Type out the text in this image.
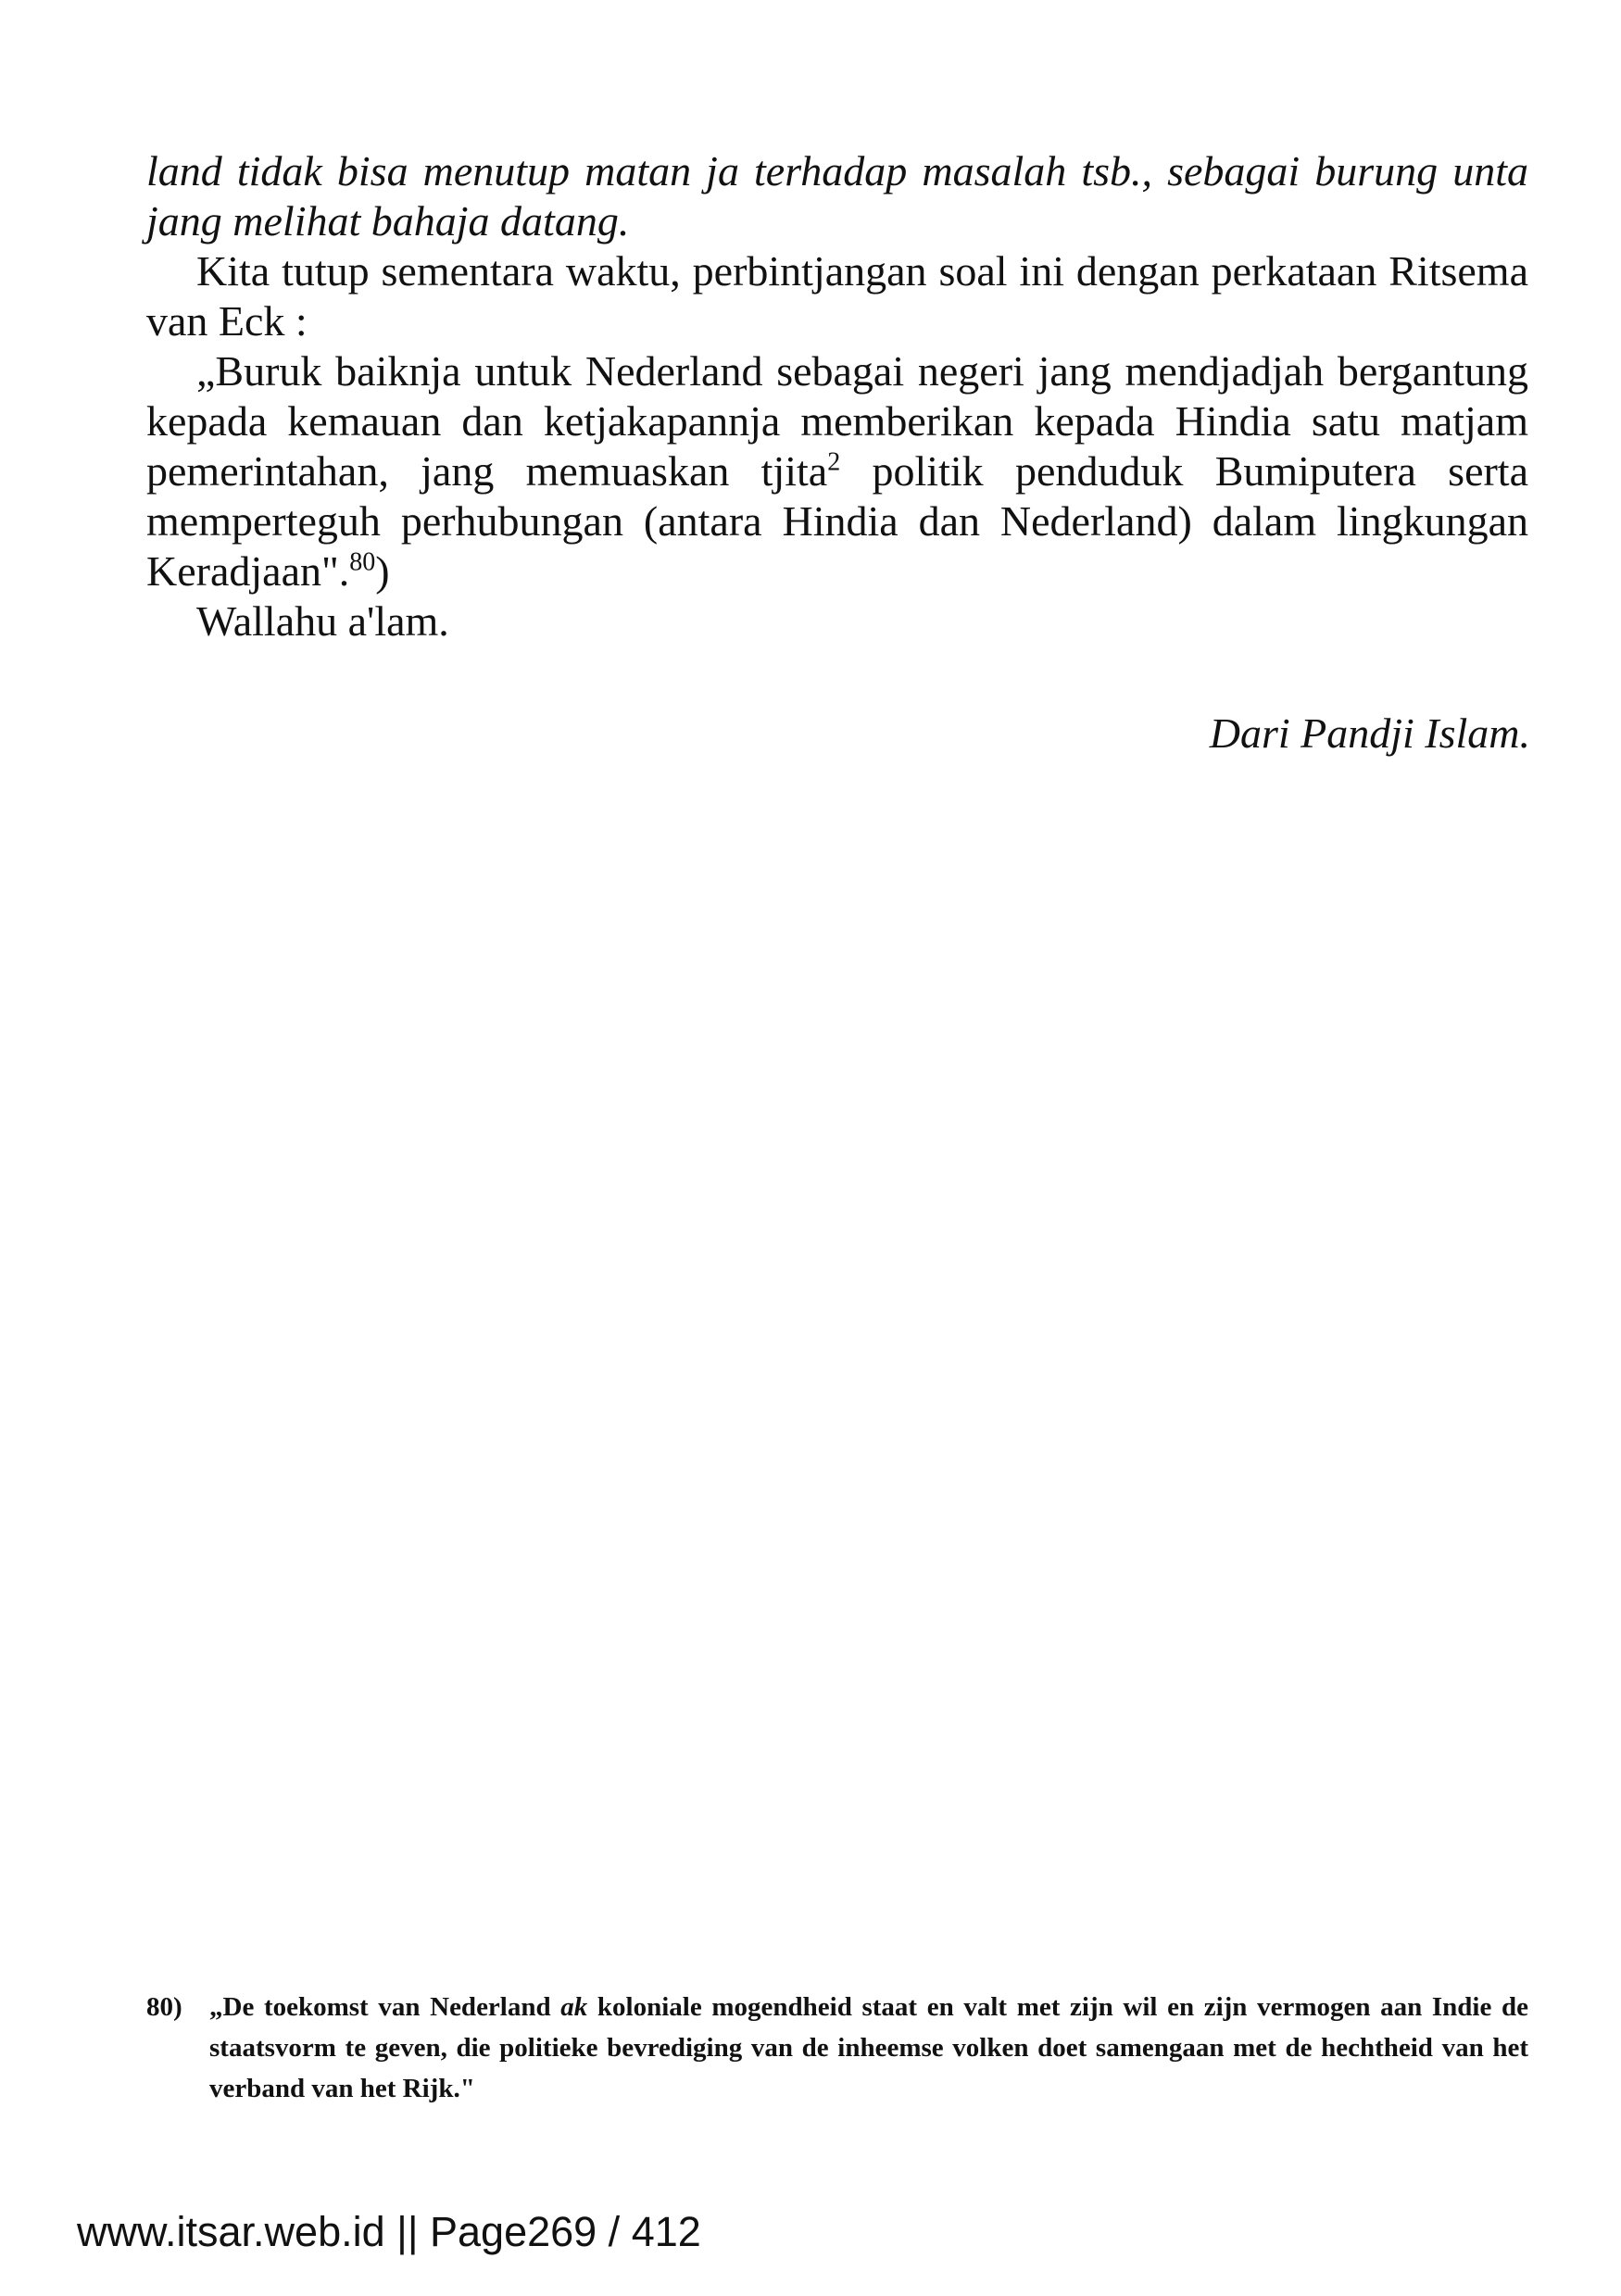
land tidak bisa menutup matan ja terhadap masalah tsb., sebagai burung unta jang melihat bahaja datang.

Kita tutup sementara waktu, perbintjangan soal ini dengan perkataan Ritsema van Eck :

„Buruk baiknja untuk Nederland sebagai negeri jang mendjadjah bergantung kepada kemauan dan ketjakapannja memberikan kepada Hindia satu matjam pemerintahan, jang memuaskan tjita$^2$ politik penduduk Bumiputera serta memperteguh perhubungan (antara Hindia dan Nederland) dalam lingkungan Keradjaan".$^{80}$)

Wallahu a'lam.

Dari Pandji Islam.
80) „De toekomst van Nederland ak koloniale mogendheid staat en valt met zijn wil en zijn vermogen aan Indie de staatsvorm te geven, die politieke bevrediging van de inheemse volken doet samengaan met de hechtheid van het verband van het Rijk."
www.itsar.web.id || Page269 / 412
